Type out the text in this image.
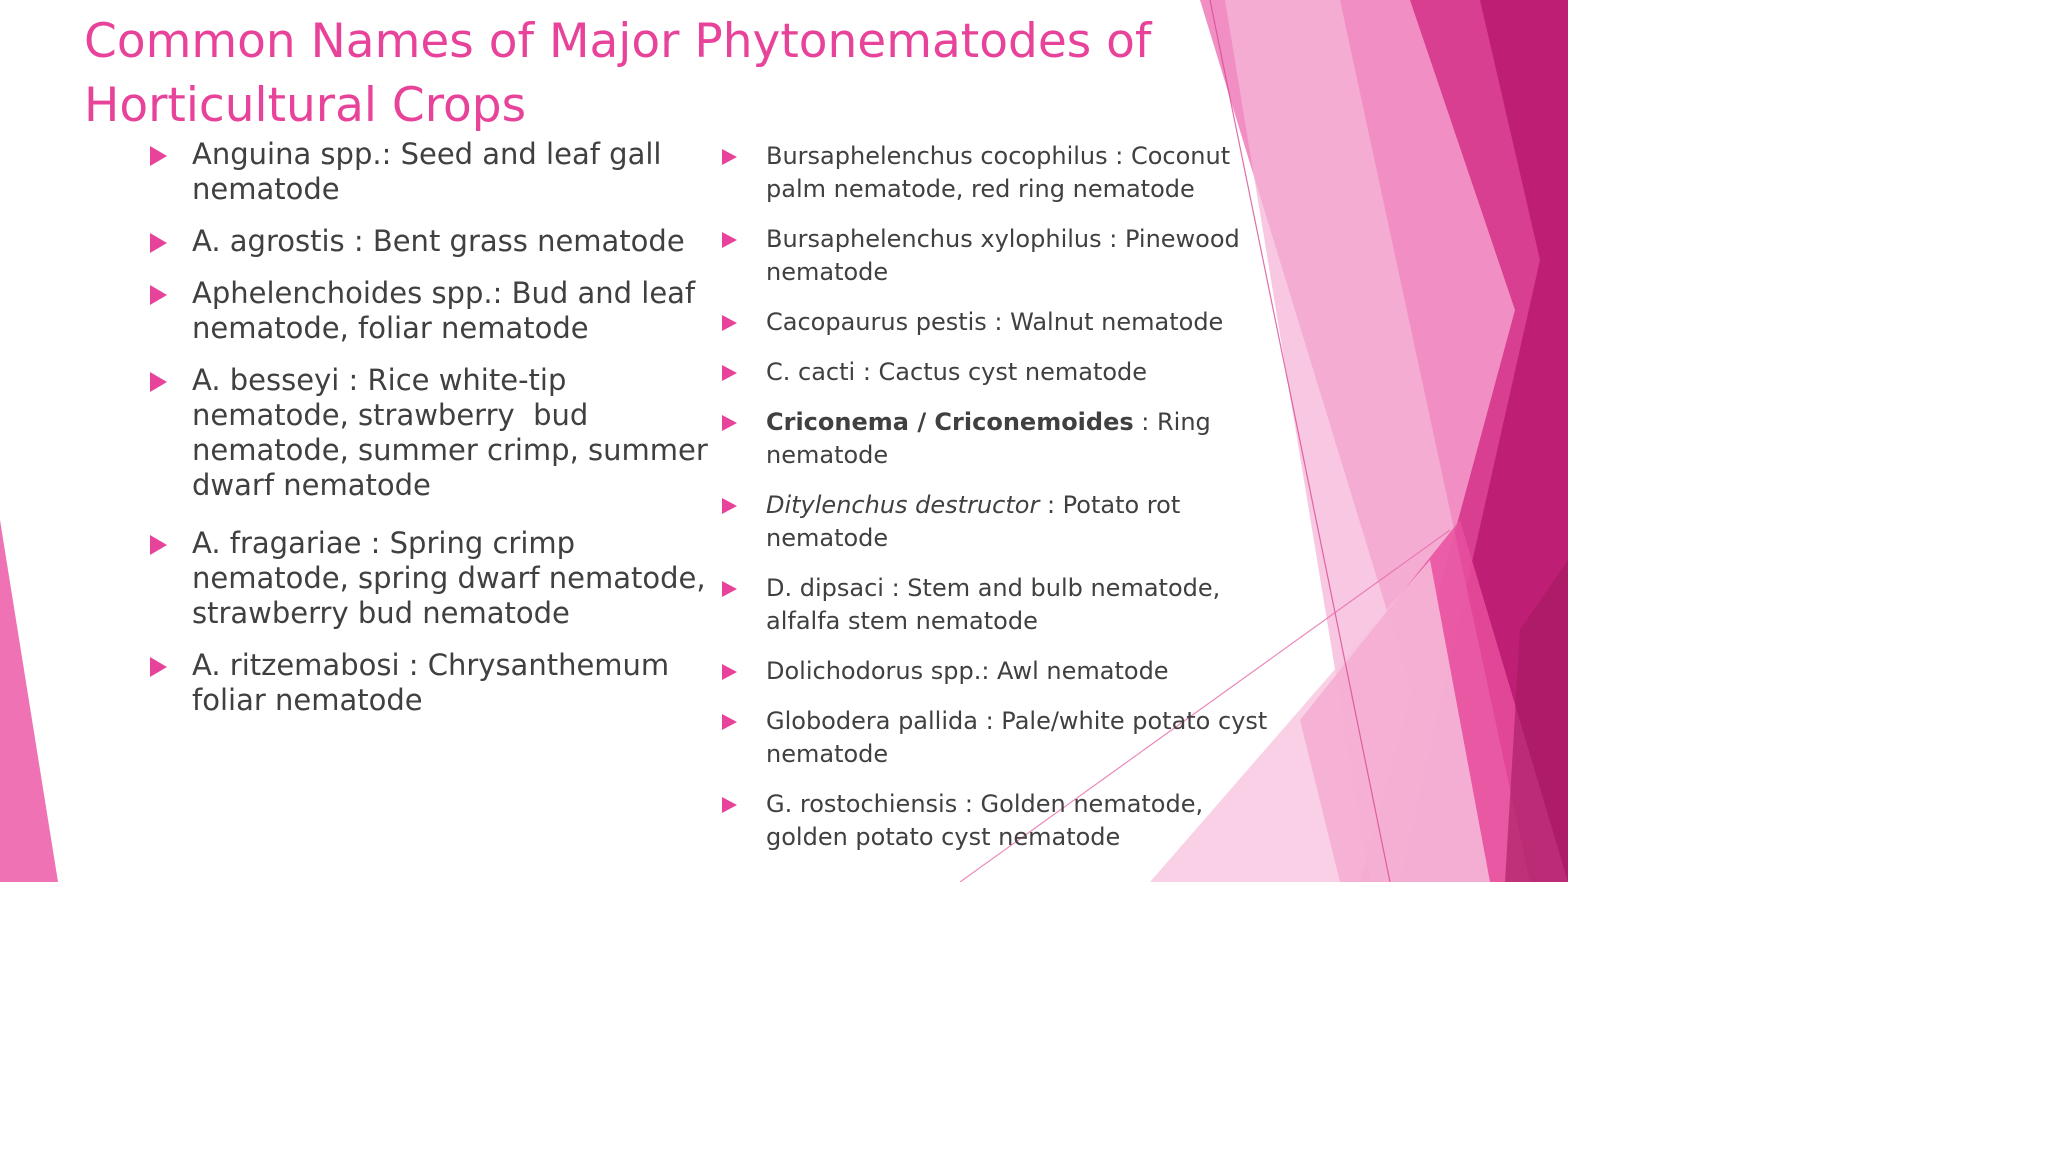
Common Names of Major Phytonematodes of Horticultural Crops
Anguina spp.: Seed and leaf gall nematode
A. agrostis : Bent grass nematode
Aphelenchoides spp.: Bud and leaf nematode, foliar nematode
A. besseyi : Rice white-tip nematode, strawberry  bud nematode, summer crimp, summer dwarf nematode
A. fragariae : Spring crimp nematode, spring dwarf nematode, strawberry bud nematode
A. ritzemabosi : Chrysanthemum foliar nematode
Bursaphelenchus cocophilus : Coconut palm nematode, red ring nematode
Bursaphelenchus xylophilus : Pinewood nematode
Cacopaurus pestis : Walnut nematode
C. cacti : Cactus cyst nematode
Criconema / Criconemoides : Ring nematode
Ditylenchus destructor : Potato rot nematode
D. dipsaci : Stem and bulb nematode, alfalfa stem nematode
Dolichodorus spp.: Awl nematode
Globodera pallida : Pale/white potato cyst nematode
G. rostochiensis : Golden nematode, golden potato cyst nematode
